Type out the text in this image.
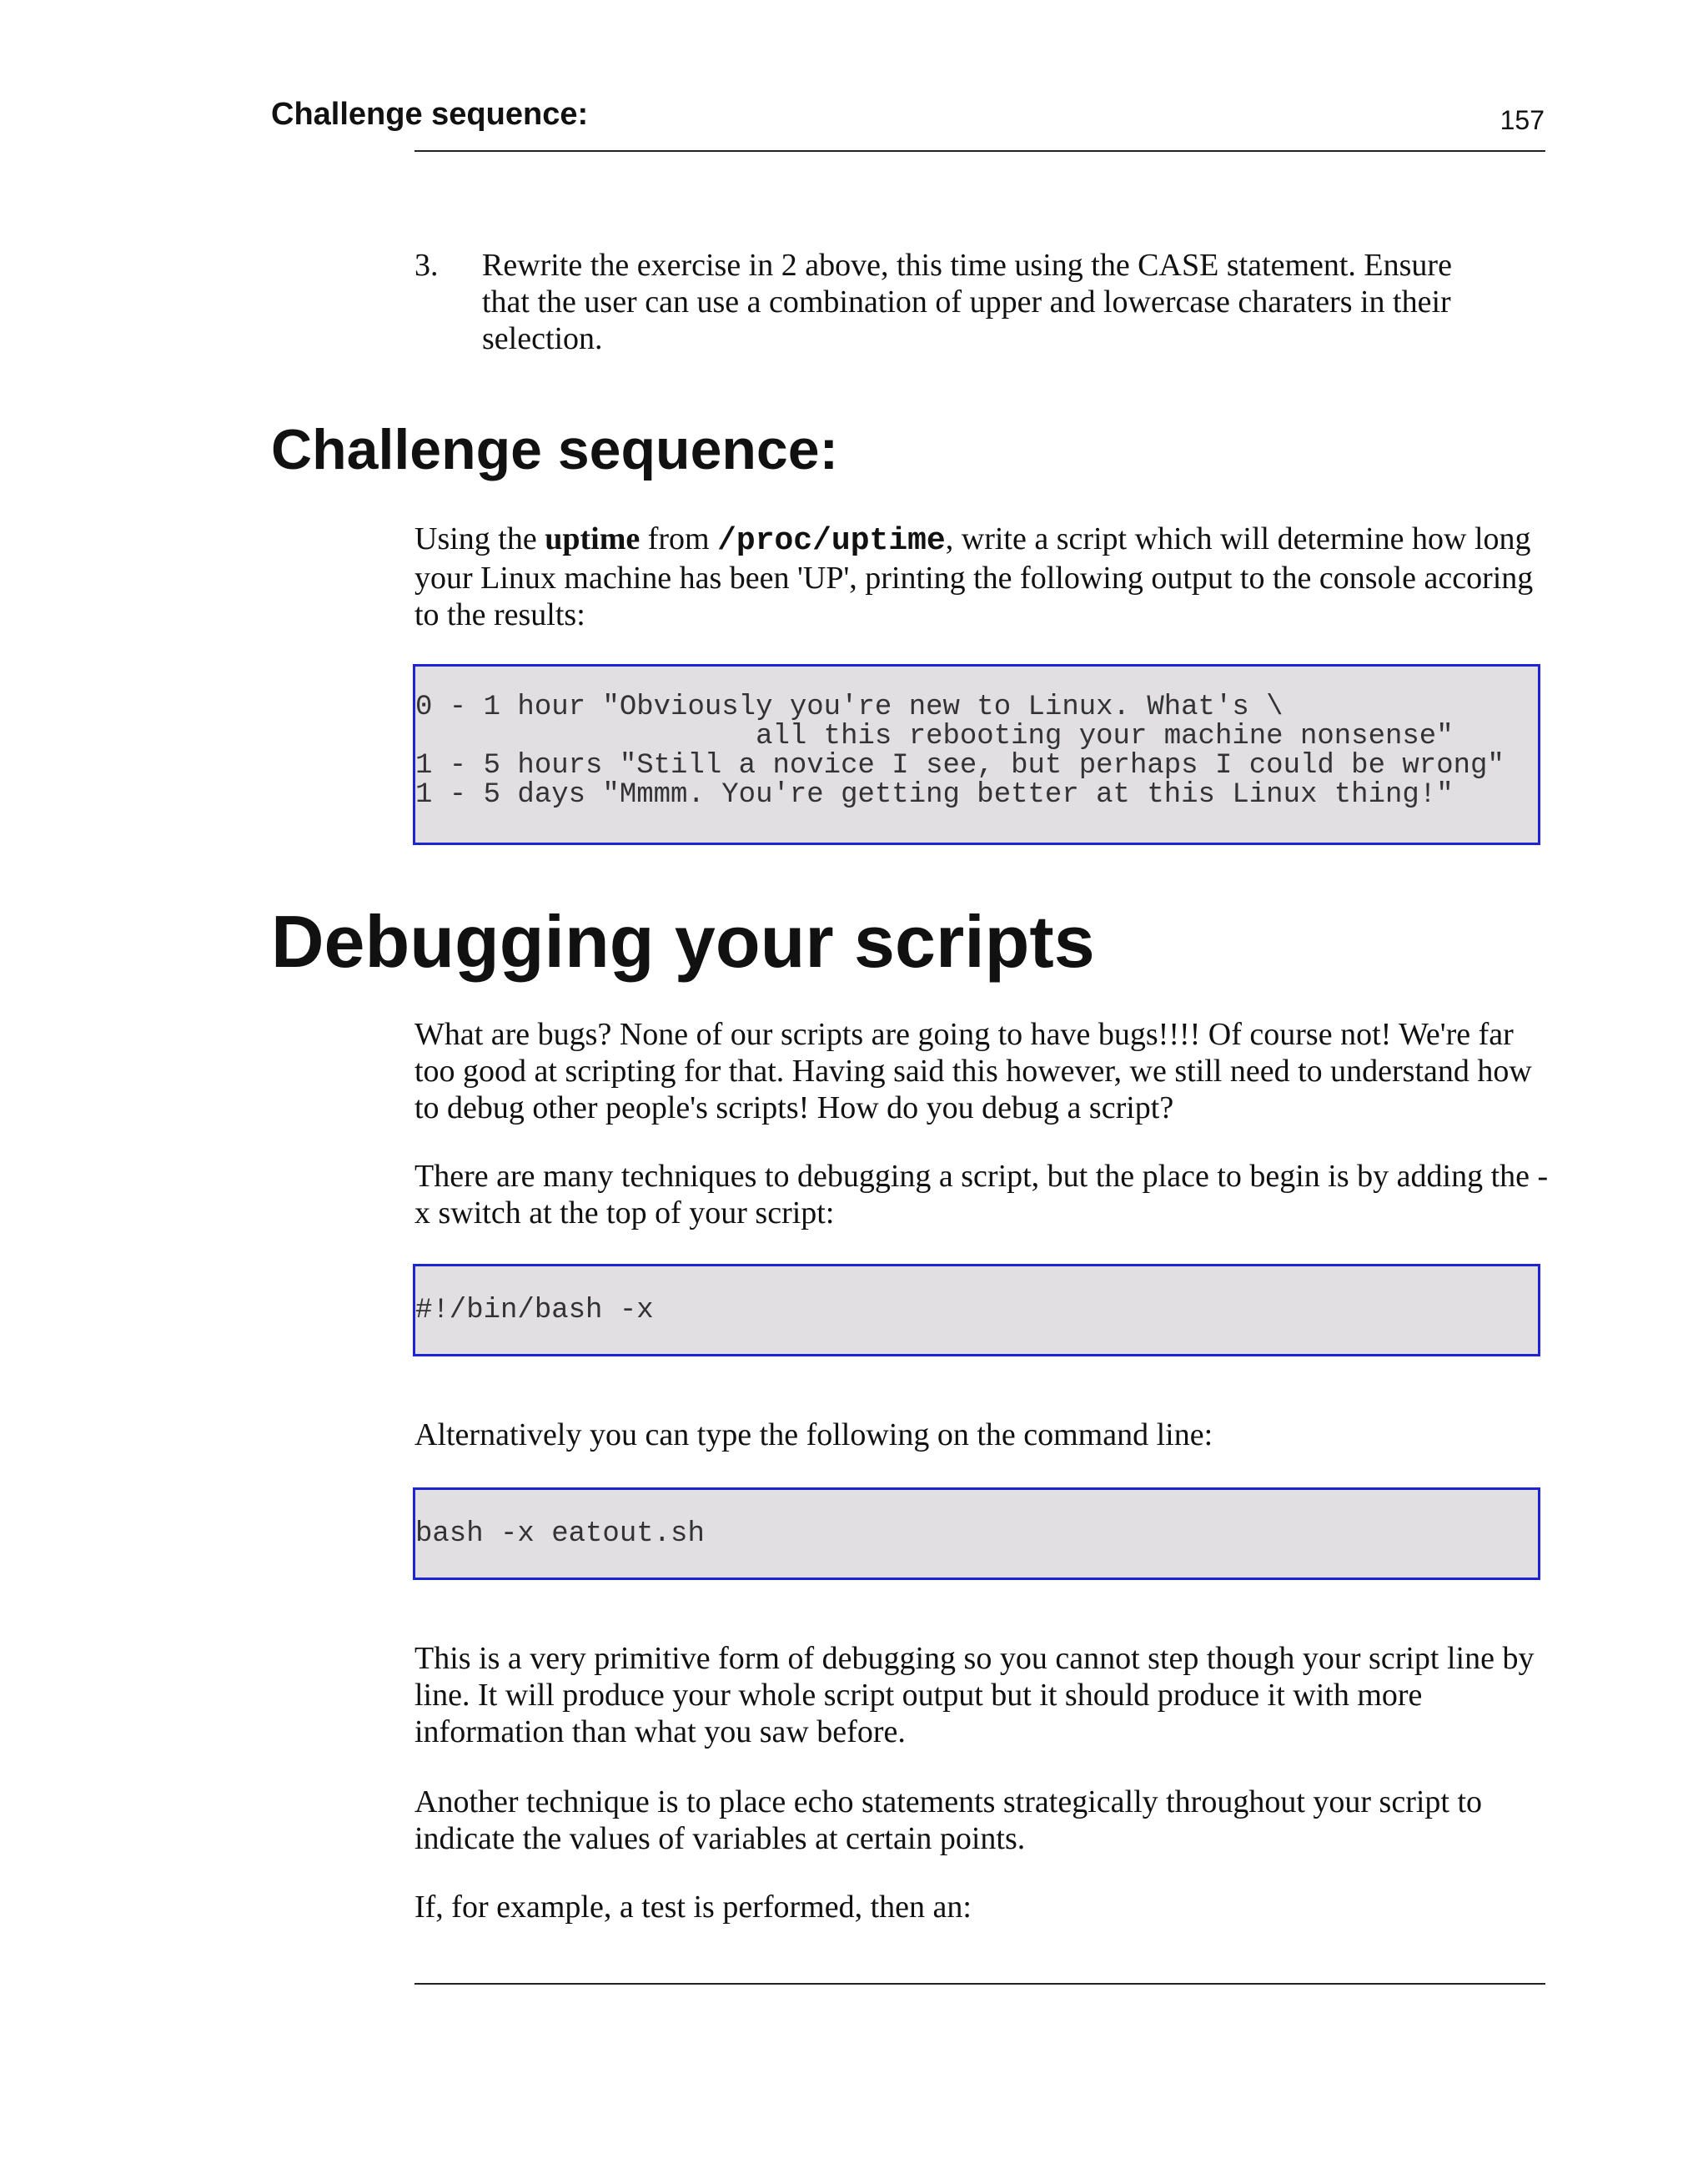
Challenge sequence:	157
3. Rewrite the exercise in 2 above, this time using the CASE statement. Ensure that the user can use a combination of upper and lowercase charaters in their selection.
Challenge sequence:

Using the uptime from /proc/uptime, write a script which will determine how long your Linux machine has been 'UP', printing the following output to the console accoring to the results:

0 - 1 hour "Obviously you're new to Linux. What's \
all this rebooting your machine nonsense"
1 - 5 hours "Still a novice I see, but perhaps I could be wrong"
1 - 5 days "Mmmm. You're getting better at this Linux thing!"
Debugging your scripts

What are bugs? None of our scripts are going to have bugs!!!! Of course not! We're far too good at scripting for that. Having said this however, we still need to understand how to debug other people's scripts! How do you debug a script?

There are many techniques to debugging a script, but the place to begin is by adding the -x switch at the top of your script:

#!/bin/bash -x

Alternatively you can type the following on the command line:

bash -x eatout.sh

This is a very primitive form of debugging so you cannot step though your script line by line. It will produce your whole script output but it should produce it with more information than what you saw before.

Another technique is to place echo statements strategically throughout your script to indicate the values of variables at certain points.

If, for example, a test is performed, then an:
